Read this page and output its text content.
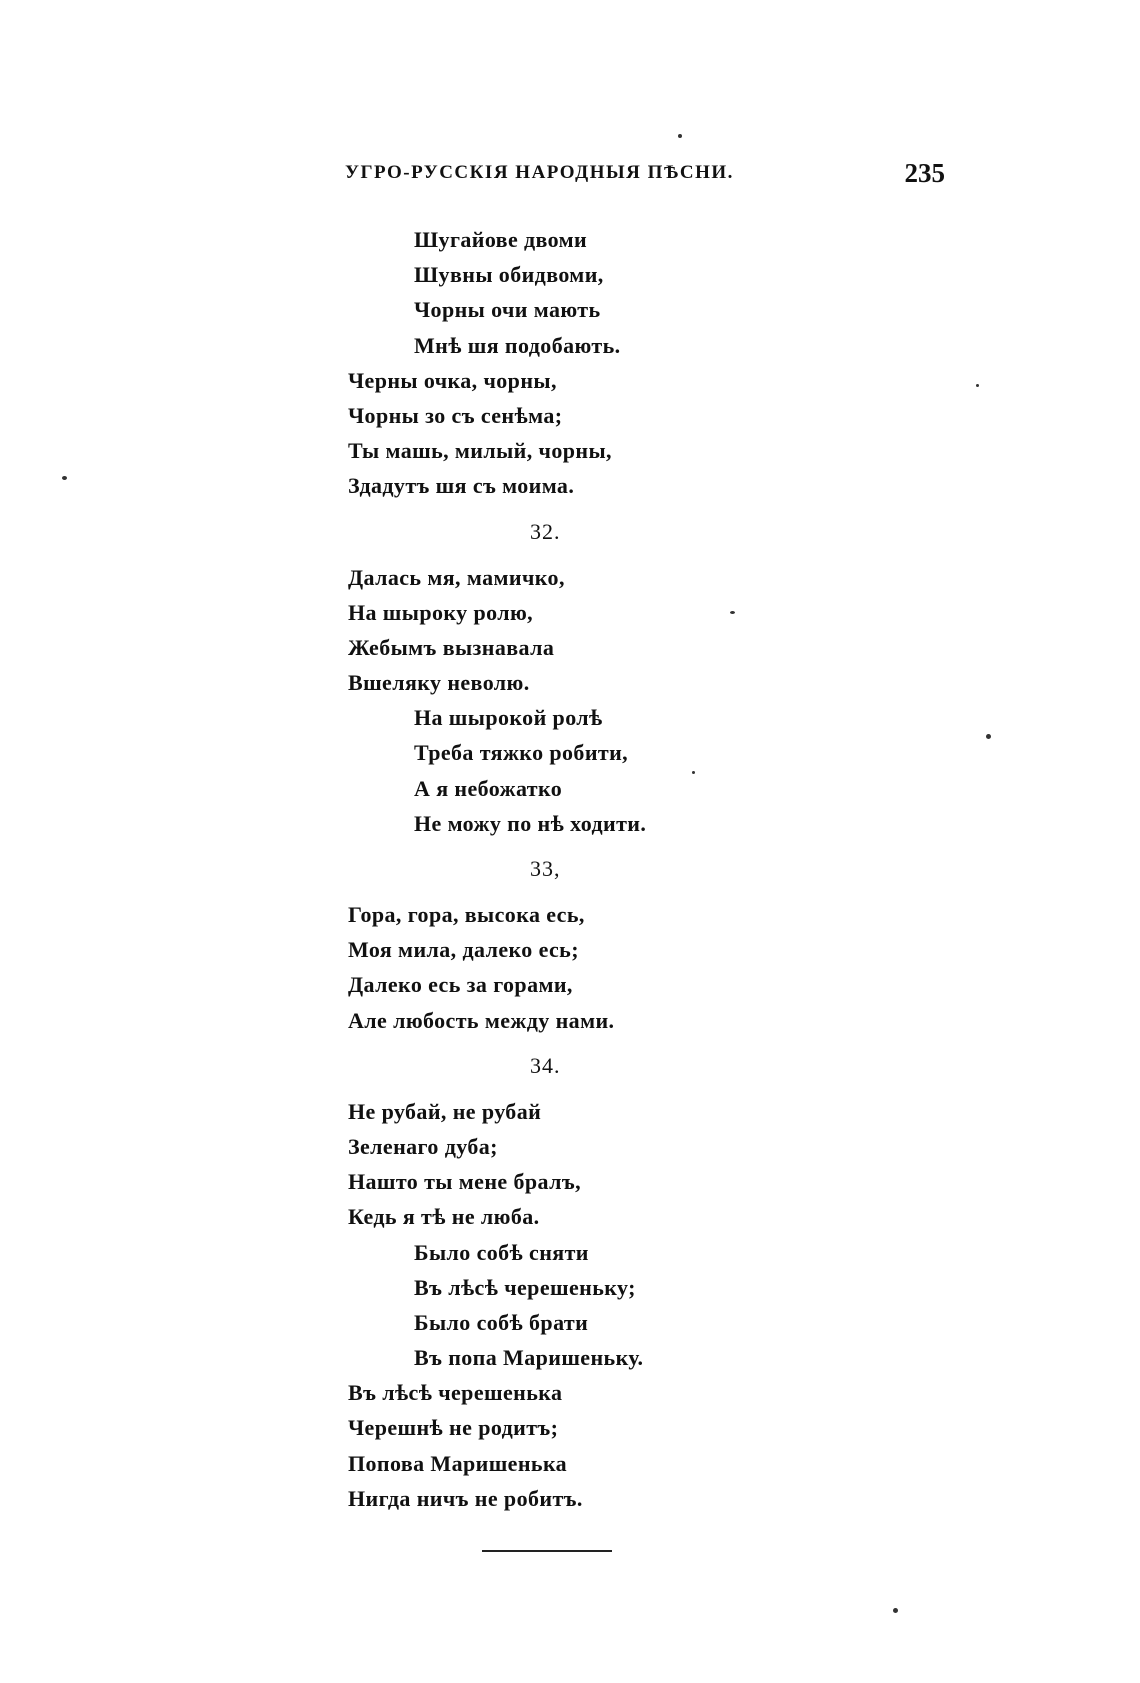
УГРО-РУССКIЯ НАРОДНЫЯ ПѢСНИ.	235
Шугайове двоми
Шувны обидвоми,
Чорны очи мають
Мнѣ шя подобають.
Черны очка, чорны,
Чорны зо съ сенѣма;
Ты машь, милый, чорны,
Здадутъ шя съ моима.
32.
Далась мя, мамичко,
На шыроку ролю,
Жебымъ вызнавала
Вшеляку неволю.
На шырокой ролѣ
Треба тяжко робити,
А я небожатко
Не можу по нѣ ходити.
33,
Гора, гора, высока есь,
Моя мила, далеко есь;
Далеко есь за горами,
Але любость между нами.
34.
Не рубай, не рубай
Зеленаго дуба;
Нашто ты мене бралъ,
Кедь я тѣ не люба.
Было собѣ сняти
Въ лѣсѣ черешеньку;
Было собѣ брати
Въ попа Маришеньку.
Въ лѣсѣ черешенька
Черешнѣ не родитъ;
Попова Маришенька
Нигда ничъ не робитъ.
